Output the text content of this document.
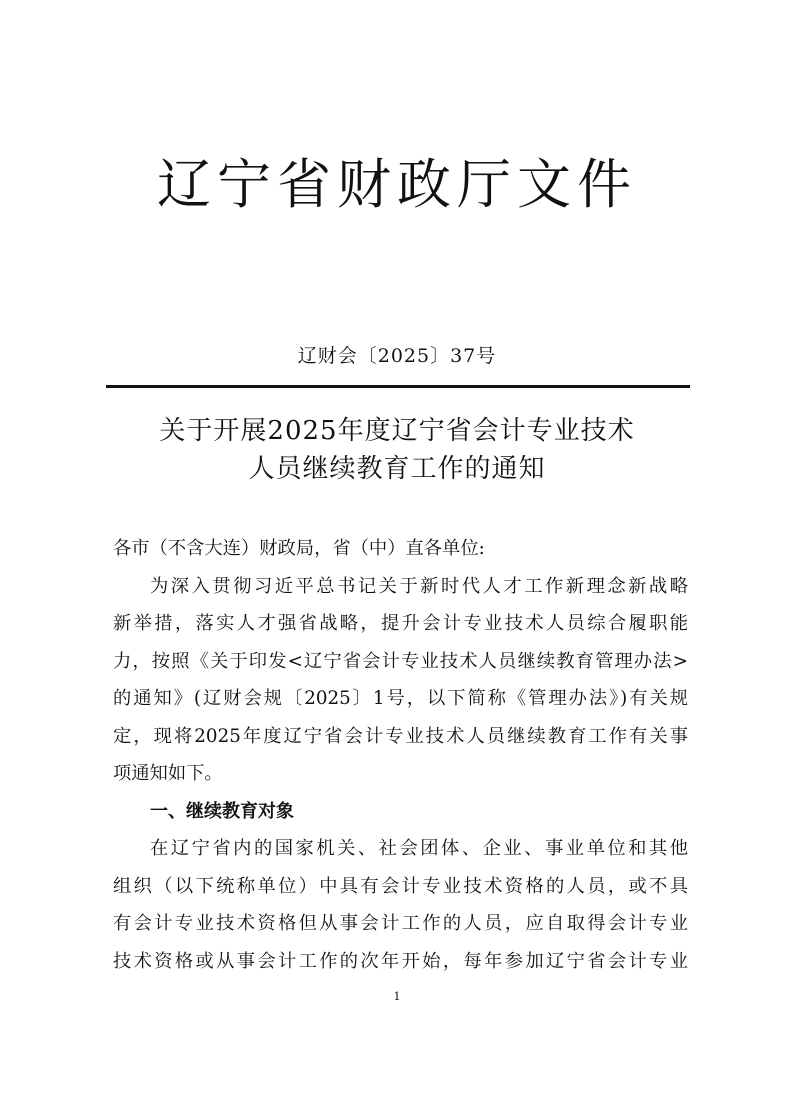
辽宁省财政厅文件
辽财会〔2025〕37号
关于开展2025年度辽宁省会计专业技术
人员继续教育工作的通知
各市（不含大连）财政局，省（中）直各单位:
为深入贯彻习近平总书记关于新时代人才工作新理念新战略
新举措，落实人才强省战略，提升会计专业技术人员综合履职能
力，按照《关于印发<辽宁省会计专业技术人员继续教育管理办法>
的通知》(辽财会规〔2025〕1号，以下简称《管理办法》)有关规
定，现将2025年度辽宁省会计专业技术人员继续教育工作有关事
项通知如下。
一、继续教育对象
在辽宁省内的国家机关、社会团体、企业、事业单位和其他
组织（以下统称单位）中具有会计专业技术资格的人员，或不具
有会计专业技术资格但从事会计工作的人员，应自取得会计专业
技术资格或从事会计工作的次年开始，每年参加辽宁省会计专业
1
